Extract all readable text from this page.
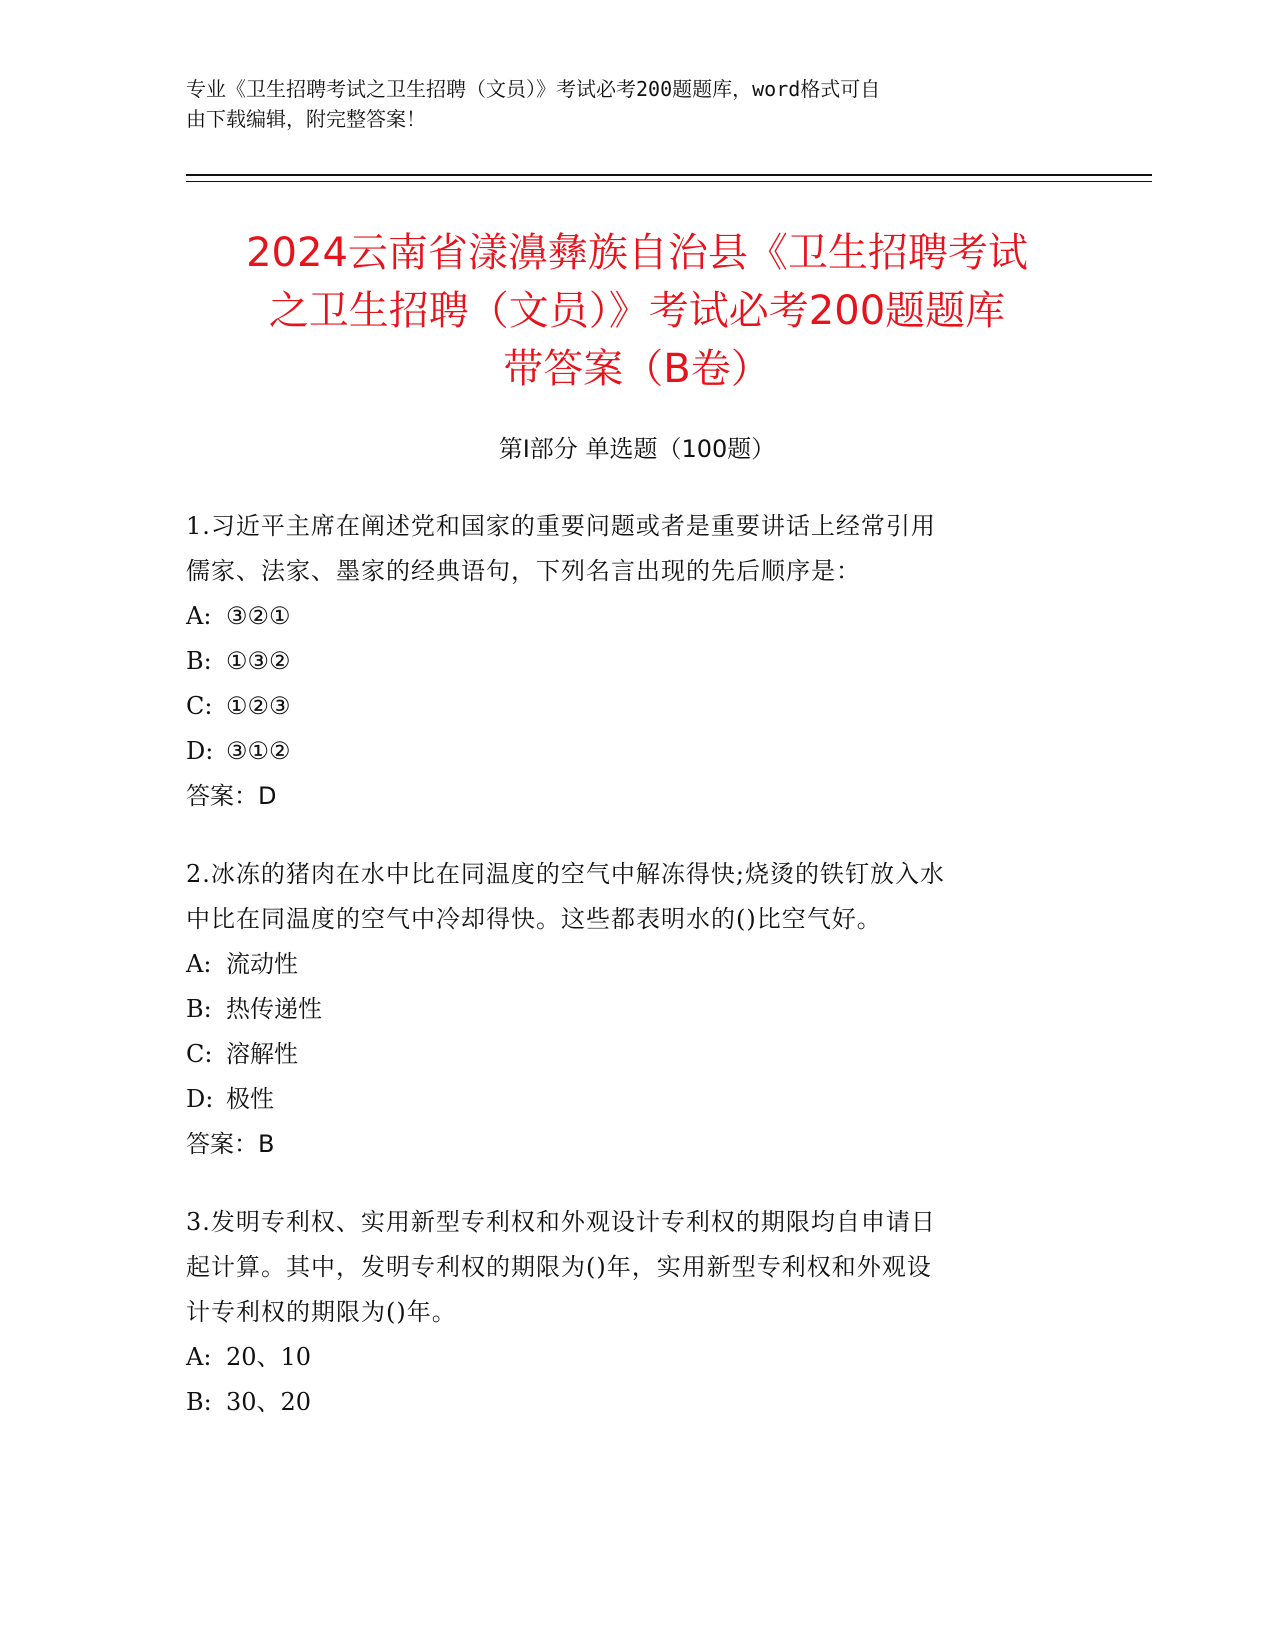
专业《卫生招聘考试之卫生招聘（文员）》考试必考200题题库，word格式可自
由下载编辑，附完整答案！
2024云南省漾濞彝族自治县《卫生招聘考试
之卫生招聘（文员）》考试必考200题题库
带答案（B卷）
第Ⅰ部分 单选题（100题）
1.习近平主席在阐述党和国家的重要问题或者是重要讲话上经常引用
儒家、法家、墨家的经典语句，下列名言出现的先后顺序是：
A: ③②①
B: ①③②
C: ①②③
D: ③①②
答案：D
2.冰冻的猪肉在水中比在同温度的空气中解冻得快;烧烫的铁钉放入水
中比在同温度的空气中冷却得快。这些都表明水的()比空气好。
A: 流动性
B: 热传递性
C: 溶解性
D: 极性
答案：B
3.发明专利权、实用新型专利权和外观设计专利权的期限均自申请日
起计算。其中，发明专利权的期限为()年，实用新型专利权和外观设
计专利权的期限为()年。
A: 20、10
B: 30、20
